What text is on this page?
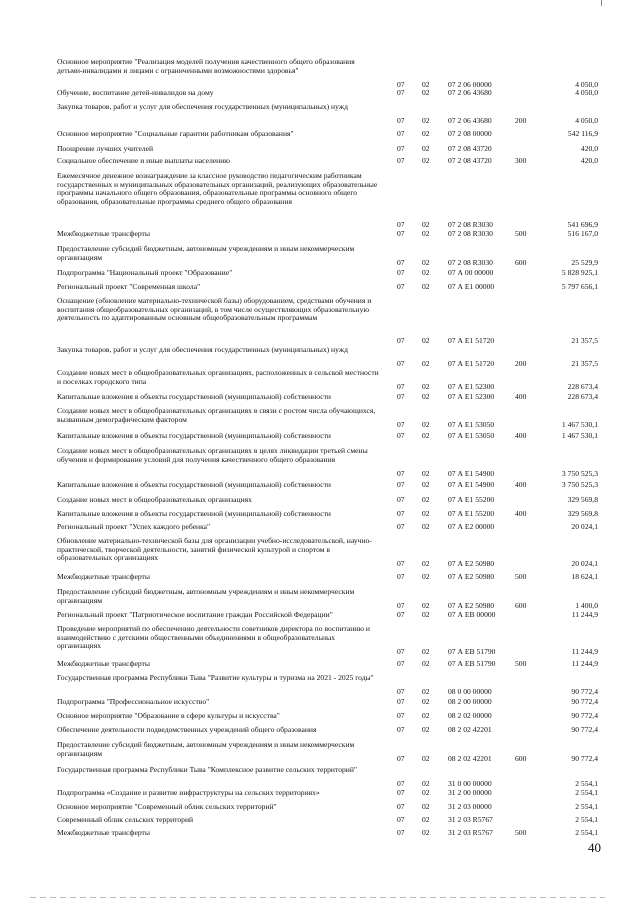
Основное мероприятие "Реализация моделей получения качественного общего образования детьми-инвалидами и лицами с ограниченными возможностями здоровья"
07 02 07 2 06 00000	4 050,0
Обучение, воспитание детей-инвалидов на дому	07 02 07 2 06 43680	4 050,0
Закупка товаров, работ и услуг для обеспечения государственных (муниципальных) нужд
07 02 07 2 06 43680	200	4 050,0
Основное мероприятие "Социальные гарантии работникам образования"	07 02 07 2 08 00000	542 116,9
Поощрение лучших учителей	07 02 07 2 08 43720	420,0
Социальное обеспечение и иные выплаты населению	07 02 07 2 08 43720	300	420,0
Ежемесячное денежное вознаграждение за классное руководство педагогическим работникам государственных и муниципальных образовательных организаций, реализующих образовательные программы начального общего образования, образовательные программы основного общего образования, образовательные программы среднего общего образования
07 02 07 2 08 R3030	541 696,9
Межбюджетные трансферты	07 02 07 2 08 R3030	500	516 167,0
Предоставление субсидий бюджетным, автономным учреждениям и иным некоммерческим организациям
07 02 07 2 08 R3030	600	25 529,9
Подпрограмма "Национальный проект "Образование"	07 02 07 А 00 00000	5 828 925,1
Региональный проект "Современная школа"	07 02 07 А Е1 00000	5 797 656,1
Оснащение (обновление материально-технической базы) оборудованием, средствами обучения и воспитания общеобразовательных организаций, в том числе осуществляющих образовательную деятельность по адаптированным основным общеобразовательным программам
07 02 07 А Е1 51720	21 357,5
Закупка товаров, работ и услуг для обеспечения государственных (муниципальных) нужд
07 02 07 А Е1 51720	200	21 357,5
Создание новых мест в общеобразовательных организациях, расположенных в сельской местности и поселках городского типа
07 02 07 А Е1 52300	228 673,4
Капитальные вложения в объекты государственной (муниципальной) собственности	07 02 07 А Е1 52300	400	228 673,4
Создание новых мест в общеобразовательных организациях в связи с ростом числа обучающихся, вызванным демографическим фактором
07 02 07 А Е1 53050	1 467 530,1
Капитальные вложения в объекты государственной (муниципальной) собственности	07 02 07 А Е1 53050	400	1 467 530,1
Создание новых мест в общеобразовательных организациях в целях ликвидации третьей смены обучения и формирование условий для получения качественного общего образования
07 02 07 А Е1 54900	3 750 525,3
Капитальные вложения в объекты государственной (муниципальной) собственности	07 02 07 А Е1 54900	400	3 750 525,3
Создание новых мест в общеобразовательных организациях	07 02 07 А Е1 55200	329 569,8
Капитальные вложения в объекты государственной (муниципальной) собственности	07 02 07 А Е1 55200	400	329 569,8
Региональный проект "Успех каждого ребенка"	07 02 07 А Е2 00000	20 024,1
Обновление материально-технической базы для организации учебно-исследовательской, научно-практической, творческой деятельности, занятий физической культурой и спортом в образовательных организациях
07 02 07 А Е2 50980	20 024,1
Межбюджетные трансферты	07 02 07 А Е2 50980	500	18 624,1
Предоставление субсидий бюджетным, автономным учреждениям и иным некоммерческим организациям
07 02 07 А Е2 50980	600	1 400,0
Региональный проект "Патриотическое воспитание граждан Российской Федерации"	07 02 07 А ЕВ 00000	11 244,9
Проведение мероприятий по обеспечению деятельности советников директора по воспитанию и взаимодействию с детскими общественными объединениями в общеобразовательных организациях
07 02 07 А ЕВ 51790	11 244,9
Межбюджетные трансферты	07 02 07 А ЕВ 51790	500	11 244,9
Государственная программа Республики Тыва "Развитие культуры и туризма на 2021 - 2025 годы"
07 02 08 0 00 00000	90 772,4
Подпрограмма "Профессиональное искусство"	07 02 08 2 00 00000	90 772,4
Основное мероприятие "Образование в сфере культуры и искусства"	07 02 08 2 02 00000	90 772,4
Обеспечение деятельности подведомственных учреждений общего образования	07 02 08 2 02 42201	90 772,4
Предоставление субсидий бюджетным, автономным учреждениям и иным некоммерческим организациям
07 02 08 2 02 42201	600	90 772,4
Государственная программа Республики Тыва "Комплексное развитие сельских территорий"
07 02 31 0 00 00000	2 554,1
Подпрограмма «Создание и развитие инфраструктуры на сельских территориях»	07 02 31 2 00 00000	2 554,1
Основное мероприятие "Современный облик сельских территорий"	07 02 31 2 03 00000	2 554,1
Современный облик сельских территорий	07 02 31 2 03 R5767	2 554,1
Межбюджетные трансферты	07 02 31 2 03 R5767	500	2 554,1
40
